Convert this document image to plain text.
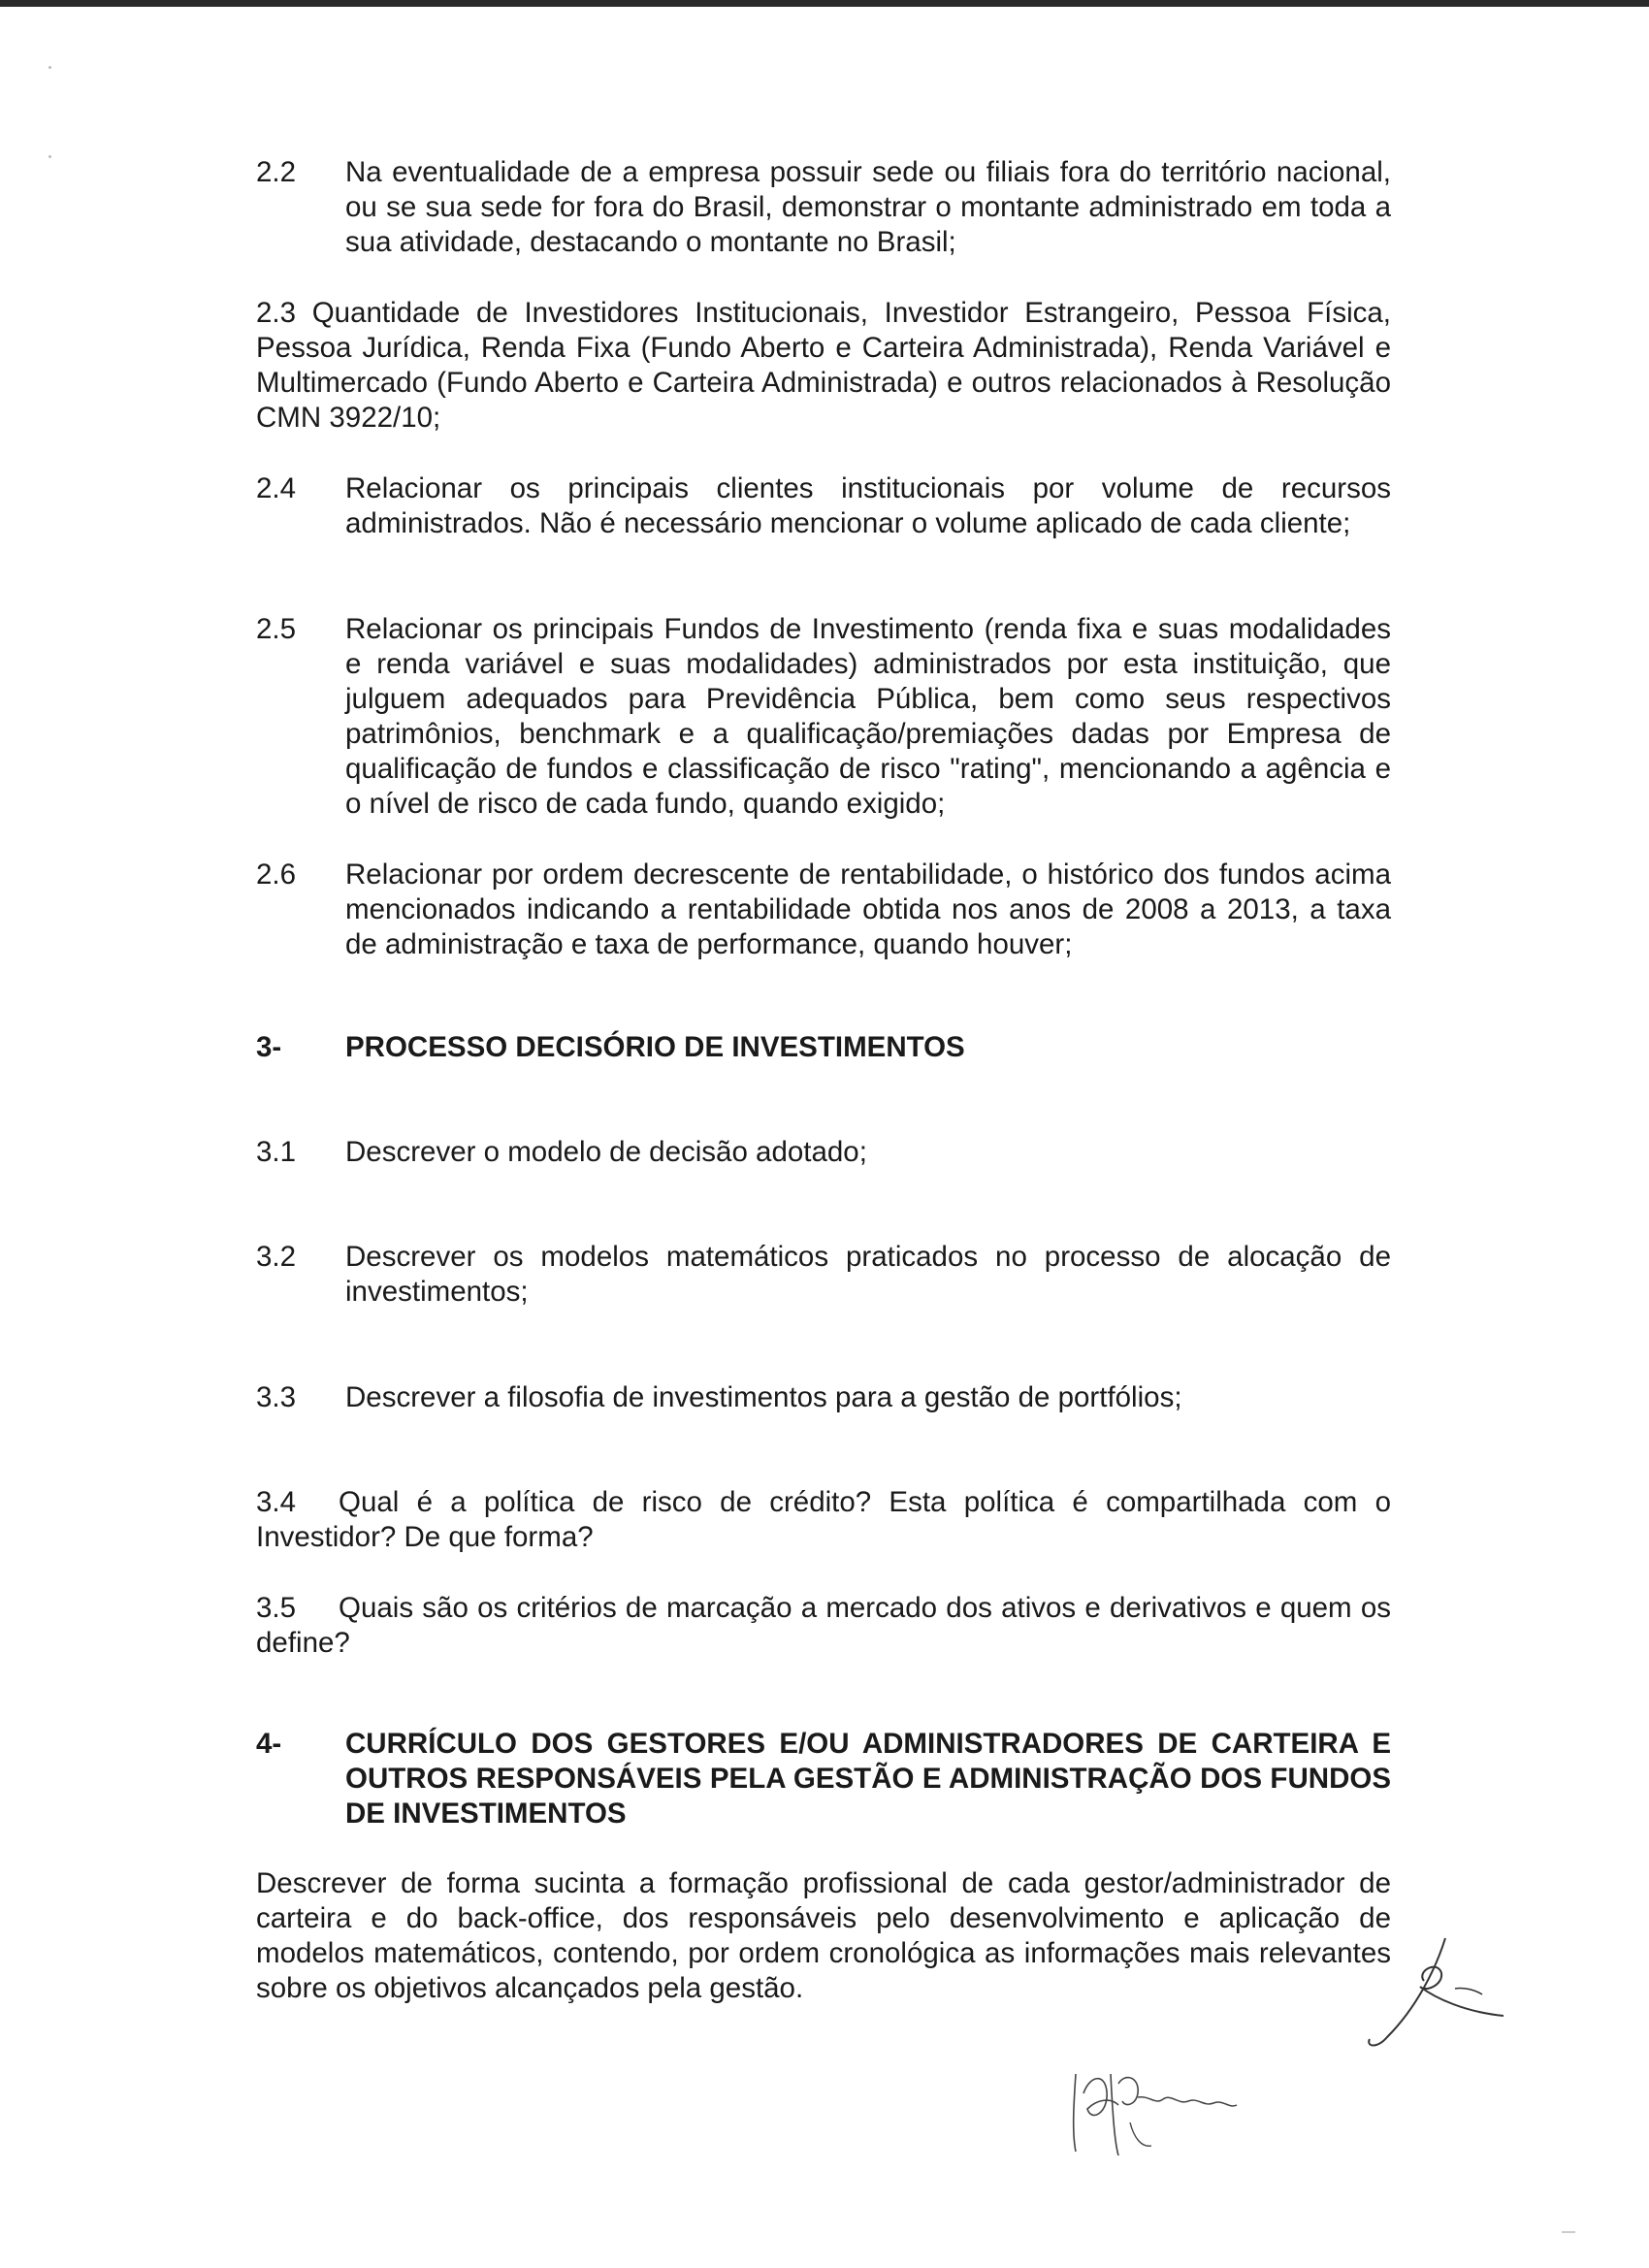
2.2 Na eventualidade de a empresa possuir sede ou filiais fora do território nacional, ou se sua sede for fora do Brasil, demonstrar o montante administrado em toda a sua atividade, destacando o montante no Brasil;
2.3 Quantidade de Investidores Institucionais, Investidor Estrangeiro, Pessoa Física, Pessoa Jurídica, Renda Fixa (Fundo Aberto e Carteira Administrada), Renda Variável e Multimercado (Fundo Aberto e Carteira Administrada) e outros relacionados à Resolução CMN 3922/10;
2.4 Relacionar os principais clientes institucionais por volume de recursos administrados. Não é necessário mencionar o volume aplicado de cada cliente;
2.5 Relacionar os principais Fundos de Investimento (renda fixa e suas modalidades e renda variável e suas modalidades) administrados por esta instituição, que julguem adequados para Previdência Pública, bem como seus respectivos patrimônios, benchmark e a qualificação/premiações dadas por Empresa de qualificação de fundos e classificação de risco "rating", mencionando a agência e o nível de risco de cada fundo, quando exigido;
2.6 Relacionar por ordem decrescente de rentabilidade, o histórico dos fundos acima mencionados indicando a rentabilidade obtida nos anos de 2008 a 2013, a taxa de administração e taxa de performance, quando houver;
3- PROCESSO DECISÓRIO DE INVESTIMENTOS
3.1 Descrever o modelo de decisão adotado;
3.2 Descrever os modelos matemáticos praticados no processo de alocação de investimentos;
3.3 Descrever a filosofia de investimentos para a gestão de portfólios;
3.4 Qual é a política de risco de crédito? Esta política é compartilhada com o Investidor? De que forma?
3.5 Quais são os critérios de marcação a mercado dos ativos e derivativos e quem os define?
4- CURRÍCULO DOS GESTORES E/OU ADMINISTRADORES DE CARTEIRA E OUTROS RESPONSÁVEIS PELA GESTÃO E ADMINISTRAÇÃO DOS FUNDOS DE INVESTIMENTOS
Descrever de forma sucinta a formação profissional de cada gestor/administrador de carteira e do back-office, dos responsáveis pelo desenvolvimento e aplicação de modelos matemáticos, contendo, por ordem cronológica as informações mais relevantes sobre os objetivos alcançados pela gestão.
